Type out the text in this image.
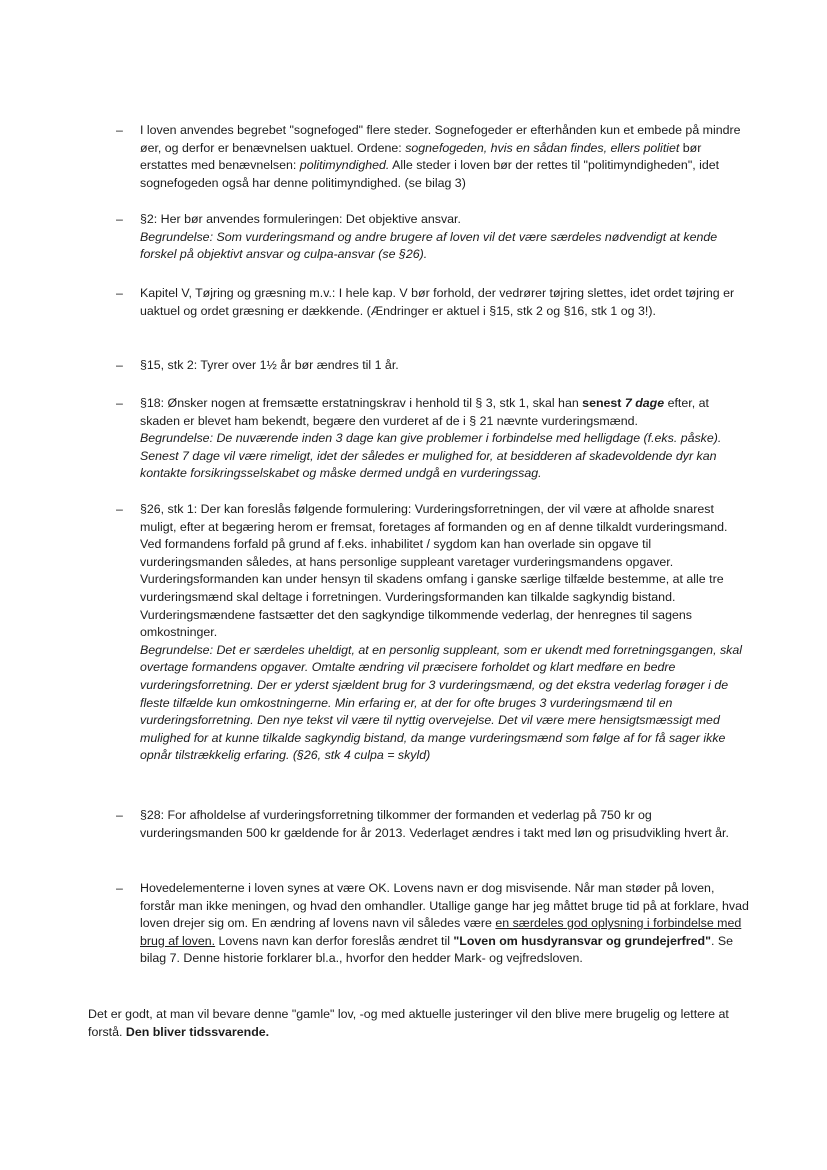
–	I loven anvendes begrebet "sognefoged" flere steder. Sognefogeder er efterhånden kun et embede på mindre øer, og derfor er benævnelsen uaktuel. Ordene: sognefogeden, hvis en sådan findes, ellers politiet bør erstattes med benævnelsen: politimyndighed. Alle steder i loven bør der rettes til "politimyndigheden", idet sognefogeden også har denne politimyndighed. (se bilag 3)

–	§2: Her bør anvendes formuleringen: Det objektive ansvar.

Begrundelse: Som vurderingsmand og andre brugere af loven vil det være særdeles nødvendigt at kende forskel på objektivt ansvar og culpa-ansvar (se §26).

–	Kapitel V, Tøjring og græsning m.v.: I hele kap. V bør forhold, der vedrører tøjring slettes, idet ordet tøjring er uaktuel og ordet græsning er dækkende. (Ændringer er aktuel i §15, stk 2 og §16, stk 1 og 3!).

–	§15, stk 2: Tyrer over 1½ år bør ændres til 1 år.

–	§18: Ønsker nogen at fremsætte erstatningskrav i henhold til § 3, stk 1, skal han senest 7 dage efter, at skaden er blevet ham bekendt, begære den vurderet af de i § 21 nævnte vurderingsmænd.

Begrundelse: De nuværende inden 3 dage kan give problemer i forbindelse med helligdage (f.eks. påske). Senest 7 dage vil være rimeligt, idet der således er mulighed for, at besidderen af skadevoldende dyr kan kontakte forsikringsselskabet og måske dermed undgå en vurderingssag.

–	§26, stk 1: Der kan foreslås følgende formulering: Vurderingsforretningen, der vil være at afholde snarest muligt, efter at begæring herom er fremsat, foretages af formanden og en af denne tilkaldt vurderingsmand. Ved formandens forfald på grund af f.eks. inhabilitet / sygdom kan han overlade sin opgave til vurderingsmanden således, at hans personlige suppleant varetager vurderingsmandens opgaver. Vurderingsformanden kan under hensyn til skadens omfang i ganske særlige tilfælde bestemme, at alle tre vurderingsmænd skal deltage i forretningen. Vurderingsformanden kan tilkalde sagkyndig bistand. Vurderingsmændene fastsætter det den sagkyndige tilkommende vederlag, der henregnes til sagens omkostninger.

Begrundelse: Det er særdeles uheldigt, at en personlig suppleant, som er ukendt med forretningsgangen, skal overtage formandens opgaver. Omtalte ændring vil præcisere forholdet og klart medføre en bedre vurderingsforretning. Der er yderst sjældent brug for 3 vurderingsmænd, og det ekstra vederlag forøger i de fleste tilfælde kun omkostningerne. Min erfaring er, at der for ofte bruges 3 vurderingsmænd til en vurderingsforretning. Den nye tekst vil være til nyttig overvejelse. Det vil være mere hensigtsmæssigt med mulighed for at kunne tilkalde sagkyndig bistand, da mange vurderingsmænd som følge af for få sager ikke opnår tilstrækkelig erfaring. (§26, stk 4 culpa = skyld)

–	§28: For afholdelse af vurderingsforretning tilkommer der formanden et vederlag på 750 kr og vurderingsmanden 500 kr gældende for år 2013. Vederlaget ændres i takt med løn og prisudvikling hvert år.

–	Hovedelementerne i loven synes at være OK. Lovens navn er dog misvisende. Når man støder på loven, forstår man ikke meningen, og hvad den omhandler. Utallige gange har jeg måttet bruge tid på at forklare, hvad loven drejer sig om. En ændring af lovens navn vil således være en særdeles god oplysning i forbindelse med brug af loven. Lovens navn kan derfor foreslås ændret til "Loven om husdyransvar og grundejerfred". Se bilag 7. Denne historie forklarer bl.a., hvorfor den hedder Mark- og vejfredsloven.

Det er godt, at man vil bevare denne "gamle" lov, -og med aktuelle justeringer vil den blive mere brugelig og lettere at forstå. Den bliver tidssvarende.
